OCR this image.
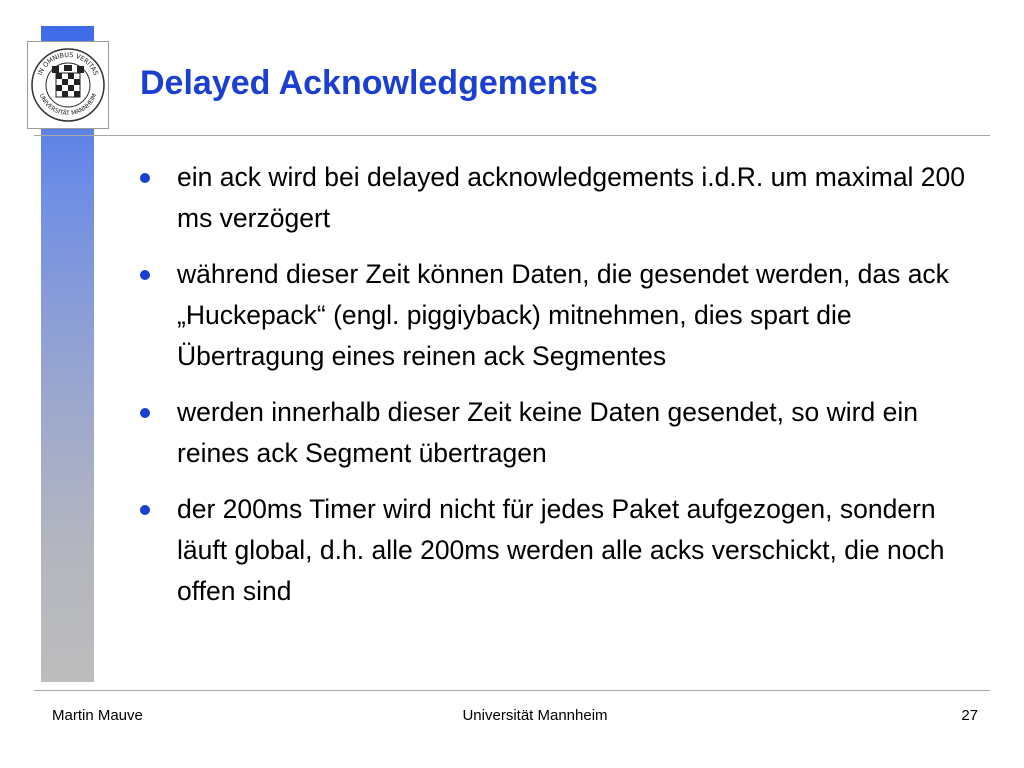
IN OMNIBUS VERITAS
UNIVERSITÄT MANNHEIM Delayed Acknowledgements
ein ack wird bei delayed acknowledgements i.d.R. um maximal 200 ms verzögert
während dieser Zeit können Daten, die gesendet werden, das ack „Huckepack“ (engl. piggiyback) mitnehmen, dies spart die Übertragung eines reinen ack Segmentes
werden innerhalb dieser Zeit keine Daten gesendet, so wird ein reines ack Segment übertragen
der 200ms Timer wird nicht für jedes Paket aufgezogen, sondern läuft global, d.h. alle 200ms werden alle acks verschickt, die noch offen sind
Martin Mauve	Universität Mannheim	27
